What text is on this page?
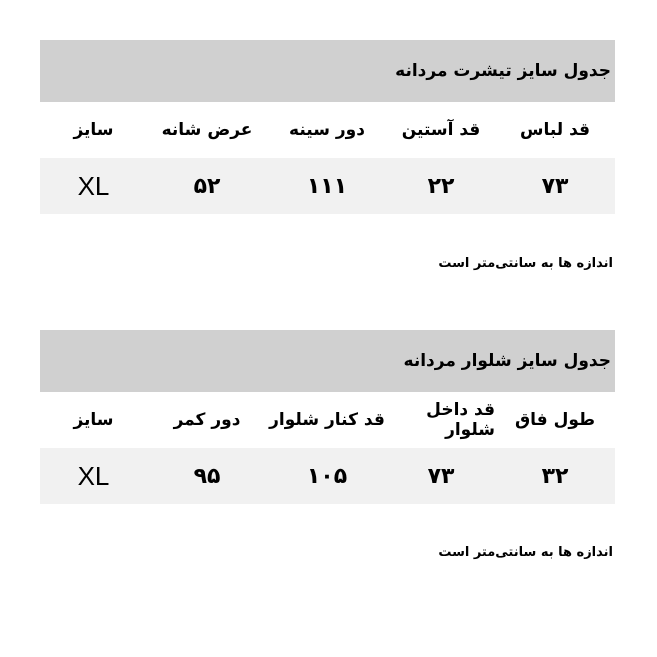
جدول سایز تیشرت مردانه
قد لباس
قد آستین
دور سینه
عرض شانه
سایز
۷۳
۲۲
۱۱۱
۵۲
XL
اندازه ها به سانتی‌متر است
جدول سایز شلوار مردانه
طول فاق
قد داخل شلوار
قد کنار شلوار
دور کمر
سایز
۳۲
۷۳
۱۰۵
۹۵
XL
اندازه ها به سانتی‌متر است
